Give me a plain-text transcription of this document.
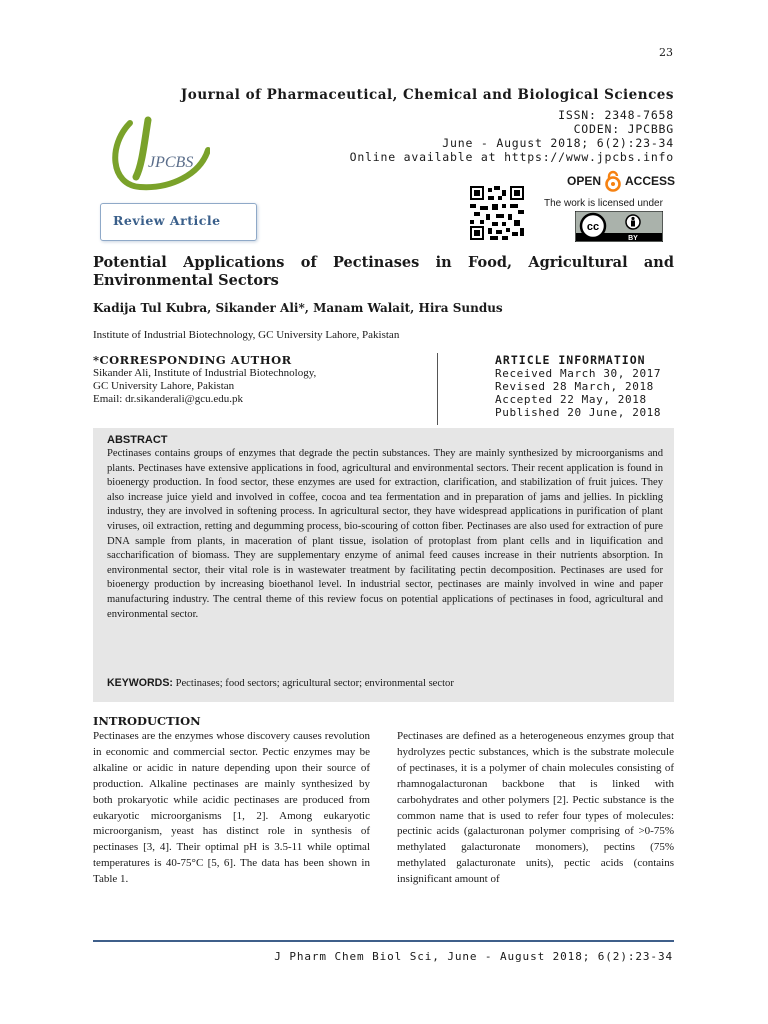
23
Journal of Pharmaceutical, Chemical and Biological Sciences
ISSN: 2348-7658
CODEN: JPCBBG
June - August 2018; 6(2):23-34
Online available at https://www.jpcbs.info
JPCBS
Review Article
OPEN ACCESS
The work is licensed under
cc
BY
Potential Applications of Pectinases in Food, Agricultural and Environmental Sectors
Kadija Tul Kubra, Sikander Ali*, Manam Walait, Hira Sundus
Institute of Industrial Biotechnology, GC University Lahore, Pakistan
*CORRESPONDING AUTHOR
Sikander Ali, Institute of Industrial Biotechnology,
GC University Lahore, Pakistan
Email: dr.sikanderali@gcu.edu.pk
ARTICLE INFORMATION
Received March 30, 2017
Revised 28 March, 2018
Accepted 22 May, 2018
Published 20 June, 2018
ABSTRACT
Pectinases contains groups of enzymes that degrade the pectin substances. They are mainly synthesized by microorganisms and plants. Pectinases have extensive applications in food, agricultural and environmental sectors. Their recent application is found in bioenergy production. In food sector, these enzymes are used for extraction, clarification, and stabilization of fruit juices. They also increase juice yield and involved in coffee, cocoa and tea fermentation and in preparation of jams and jellies. In pickling industry, they are involved in softening process. In agricultural sector, they have widespread applications in purification of plant viruses, oil extraction, retting and degumming process, bio-scouring of cotton fiber. Pectinases are also used for extraction of pure DNA sample from plants, in maceration of plant tissue, isolation of protoplast from plant cells and in liquification and saccharification of biomass. They are supplementary enzyme of animal feed causes increase in their nutrients absorption. In environmental sector, their vital role is in wastewater treatment by facilitating pectin decomposition. Pectinases are used for bioenergy production by increasing bioethanol level. In industrial sector, pectinases are mainly involved in wine and paper manufacturing industry. The central theme of this review focus on potential applications of pectinases in food, agricultural and environmental sector.
KEYWORDS: Pectinases; food sectors; agricultural sector; environmental sector
INTRODUCTION
Pectinases are the enzymes whose discovery causes revolution in economic and commercial sector. Pectic enzymes may be alkaline or acidic in nature depending upon their source of production. Alkaline pectinases are mainly synthesized by both prokaryotic while acidic pectinases are produced from eukaryotic microorganisms [1, 2]. Among eukaryotic microorganism, yeast has distinct role in synthesis of pectinases [3, 4]. Their optimal pH is 3.5-11 while optimal temperatures is 40-75°C [5, 6]. The data has been shown in Table 1.
Pectinases are defined as a heterogeneous enzymes group that hydrolyzes pectic substances, which is the substrate molecule of pectinases, it is a polymer of chain molecules consisting of rhamnogalacturonan backbone that is linked with carbohydrates and other polymers [2]. Pectic substance is the common name that is used to refer four types of molecules: pectinic acids (galacturonan polymer comprising of >0-75% methylated galacturonate monomers), pectins (75% methylated galacturonate units), pectic acids (contains insignificant amount of
J Pharm Chem Biol Sci, June - August 2018; 6(2):23-34
